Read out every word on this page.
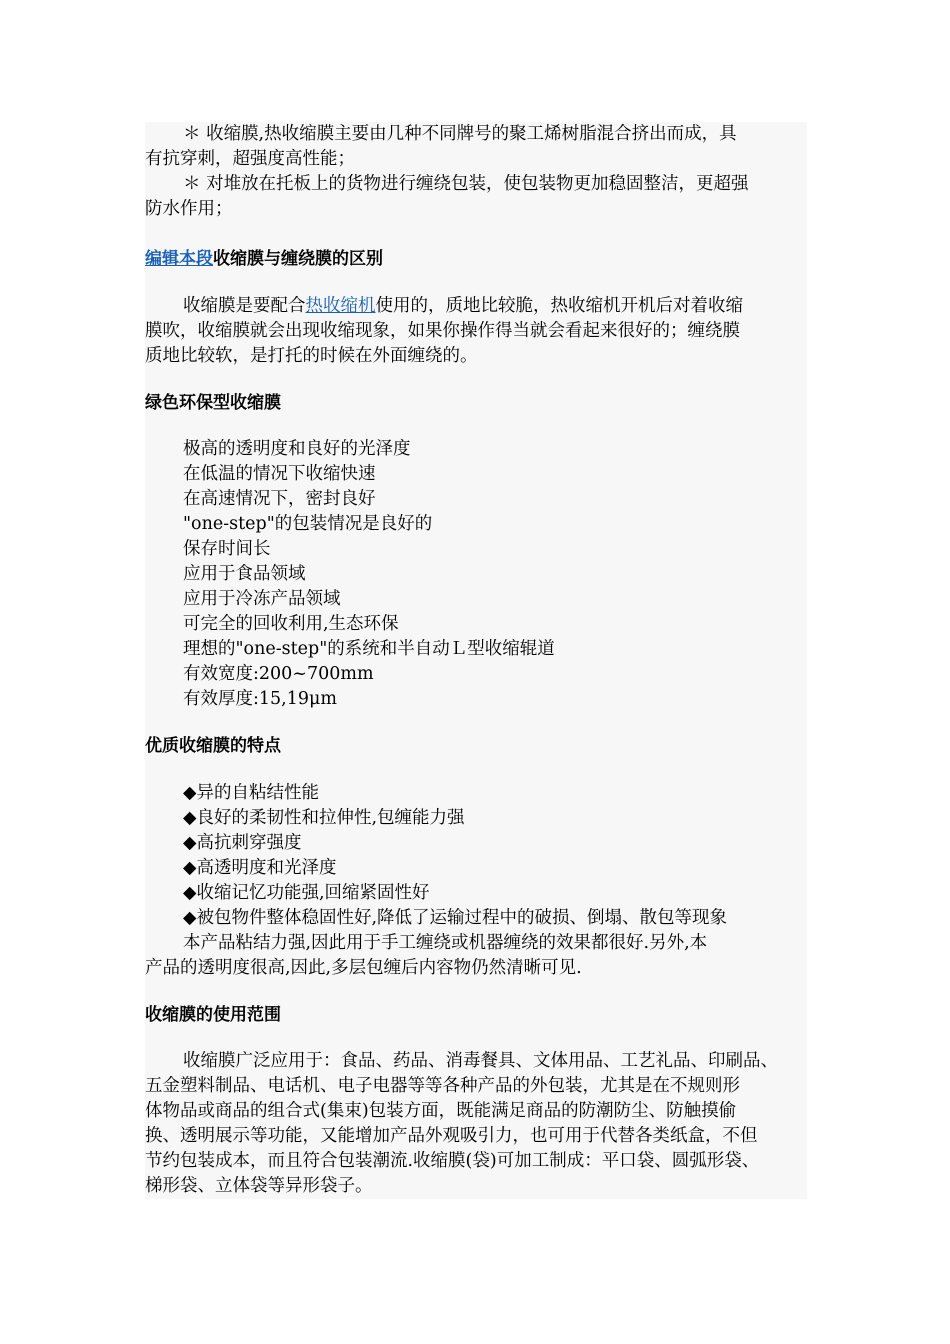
＊ 收缩膜,热收缩膜主要由几种不同牌号的聚工烯树脂混合挤出而成，具

有抗穿刺，超强度高性能；

＊ 对堆放在托板上的货物进行缠绕包装，使包装物更加稳固整洁，更超强

防水作用；

编辑本段收缩膜与缠绕膜的区别

收缩膜是要配合热收缩机使用的，质地比较脆，热收缩机开机后对着收缩

膜吹，收缩膜就会出现收缩现象，如果你操作得当就会看起来很好的；缠绕膜

质地比较软，是打托的时候在外面缠绕的。

绿色环保型收缩膜

极高的透明度和良好的光泽度

在低温的情况下收缩快速

在高速情况下，密封良好

"one-step"的包装情况是良好的

保存时间长

应用于食品领域

应用于冷冻产品领域

可完全的回收利用,生态环保

理想的"one-step"的系统和半自动Ｌ型收缩辊道

有效宽度:200~700mm

有效厚度:15,19μm

优质收缩膜的特点

◆异的自粘结性能

◆良好的柔韧性和拉伸性,包缠能力强

◆高抗刺穿强度

◆高透明度和光泽度

◆收缩记忆功能强,回缩紧固性好

◆被包物件整体稳固性好,降低了运输过程中的破损、倒塌、散包等现象

本产品粘结力强,因此用于手工缠绕或机器缠绕的效果都很好.另外,本

产品的透明度很高,因此,多层包缠后内容物仍然清晰可见.

收缩膜的使用范围

收缩膜广泛应用于：食品、药品、消毒餐具、文体用品、工艺礼品、印刷品、

五金塑料制品、电话机、电子电器等等各种产品的外包装，尤其是在不规则形

体物品或商品的组合式(集束)包装方面，既能满足商品的防潮防尘、防触摸偷

换、透明展示等功能，又能增加产品外观吸引力，也可用于代替各类纸盒，不但

节约包装成本，而且符合包装潮流.收缩膜(袋)可加工制成：平口袋、圆弧形袋、

梯形袋、立体袋等异形袋子。
